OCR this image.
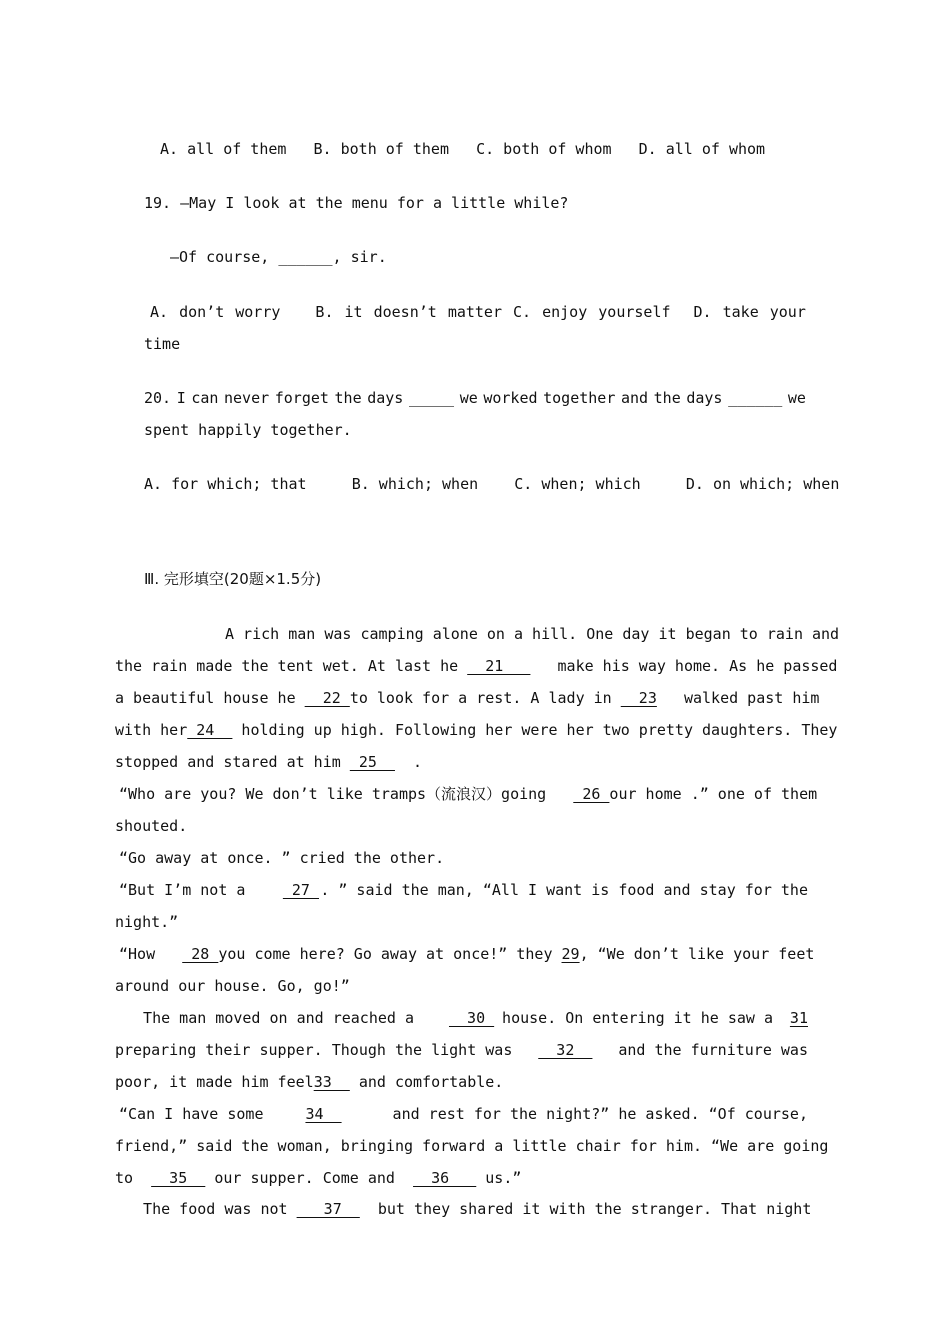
A. all of them   B. both of them   C. both of whom   D. all of whom
19. —May I look at the menu for a little while?
—Of course, ______, sir.
A. don’t worry B. it doesn’t matter C. enjoy yourself D. take your
time
20. I can never forget the days _____ we worked together and the days ______ we
spent happily together.
A. for which; that     B. which; when    C. when; which     D. on which; when
Ⅲ. 完形填空(20题×1.5分)
A rich man was camping alone on a hill. One day it began to rain and
the rain made the tent wet. At last he 21 make his way home. As he passed
a beautiful house he 22 to look for a rest. A lady in 23 walked past him
with her 24 holding up high. Following her were her two pretty daughters. They
stopped and stared at him  25    .
“Who are you? We don’t like tramps（流浪汉）going 26 our home .” one of them
shouted.
“Go away at once. ” cried the other.
“But I’m not a 27 . ” said the man, “All I want is food and stay for the
night.”
“How 28 you come here? Go away at once!” they 29 , “We don’t like your feet
around our house. Go, go!”
The man moved on and reached a 30 house. On entering it he saw a 31
preparing their supper. Though the light was 32 and the furniture was
poor, it made him feel33   and comfortable.
“Can I have some 34 and rest for the night?” he asked. “Of course,
friend,” said the woman, bringing forward a little chair for him. “We are going
to    35   our supper. Come and    36    us.”
The food was not 37 but they shared it with the stranger. That night
